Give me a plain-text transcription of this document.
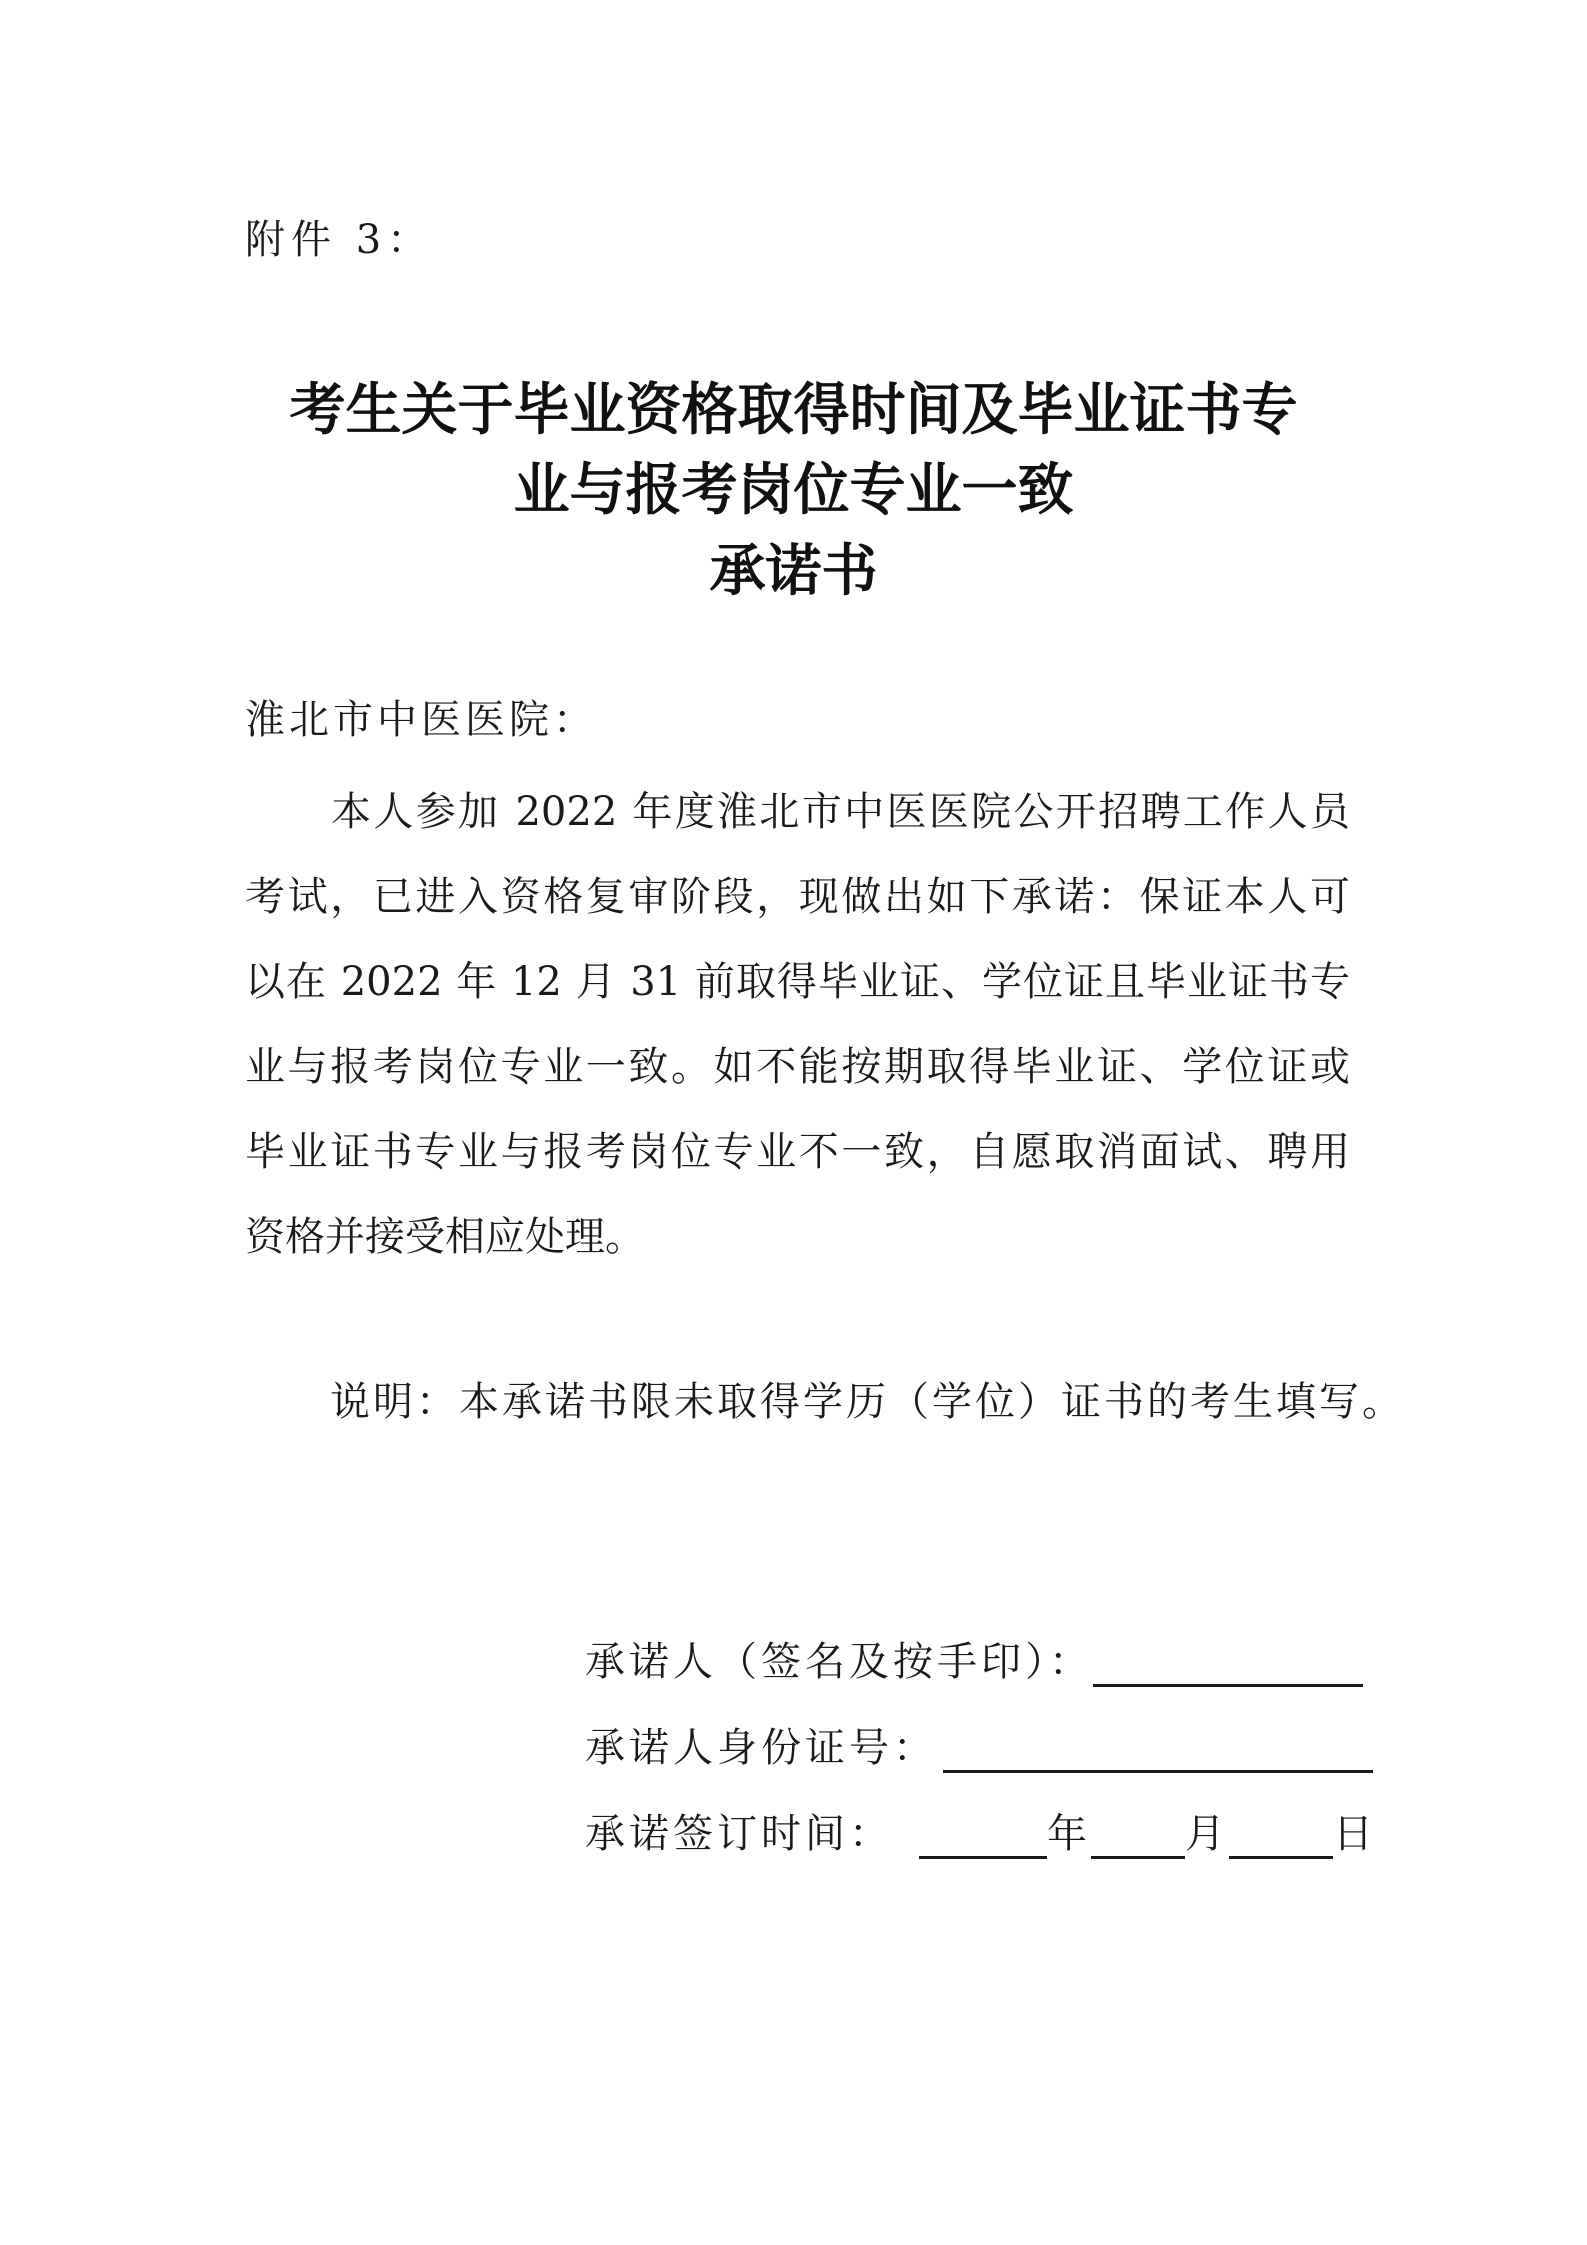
附件 3：

考生关于毕业资格取得时间及毕业证书专
业与报考岗位专业一致
承诺书

淮北市中医医院：

本人参加 2022 年度淮北市中医医院公开招聘工作人员

考试，已进入资格复审阶段，现做出如下承诺：保证本人可

以在 2022 年 12 月 31 前取得毕业证、学位证且毕业证书专

业与报考岗位专业一致。如不能按期取得毕业证、学位证或

毕业证书专业与报考岗位专业不一致，自愿取消面试、聘用

资格并接受相应处理。

说明：本承诺书限未取得学历（学位）证书的考生填写。

承诺人（签名及按手印）：
承诺人身份证号：
承诺签订时间：	年 月	日
